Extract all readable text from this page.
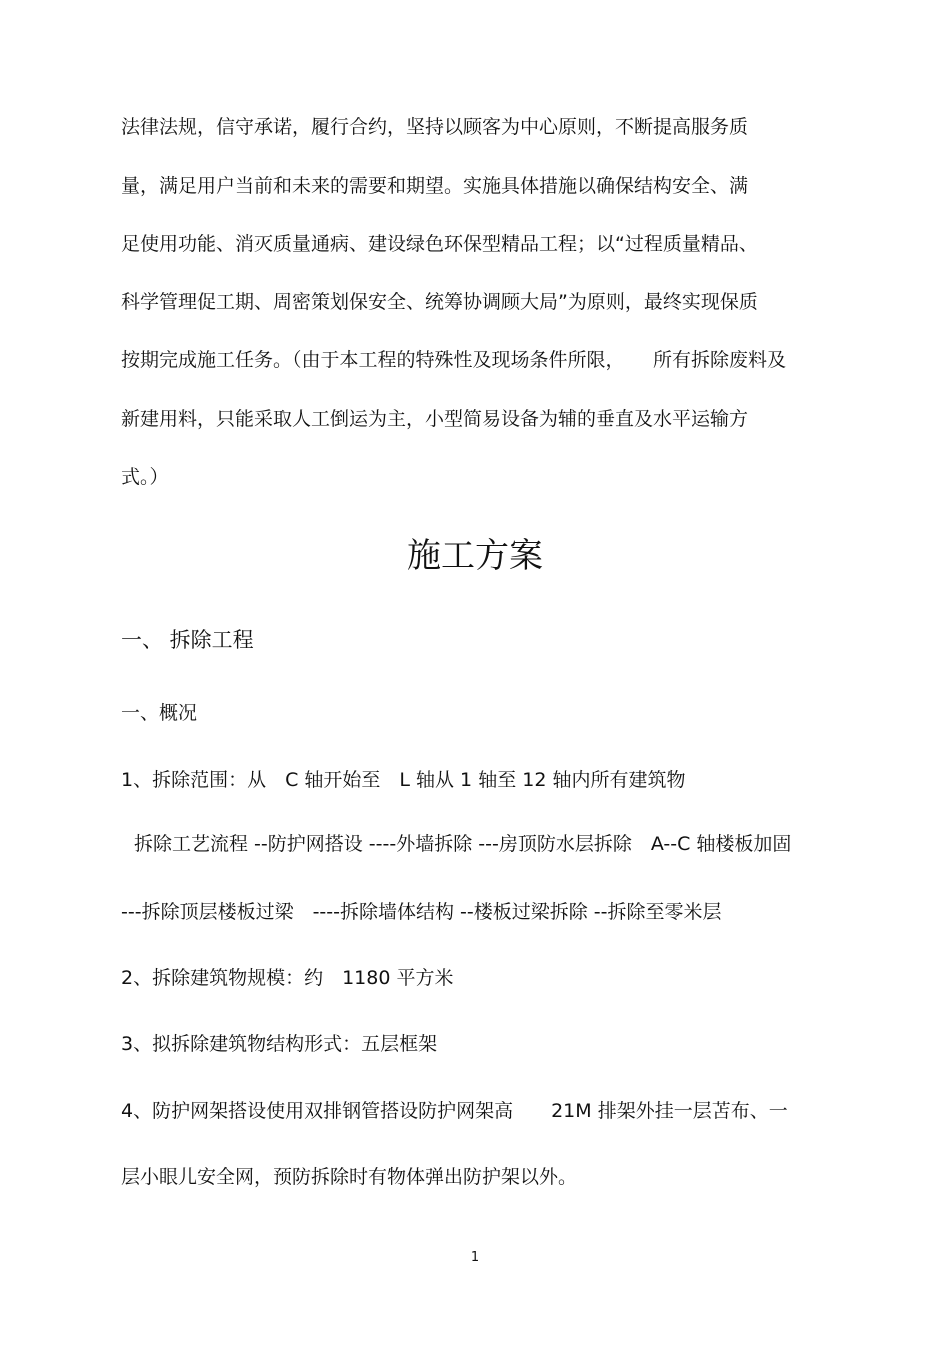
法律法规，信守承诺，履行合约，坚持以顾客为中心原则，不断提高服务质
量，满足用户当前和未来的需要和期望。实施具体措施以确保结构安全、满
足使用功能、消灭质量通病、建设绿色环保型精品工程；以“过程质量精品、
科学管理促工期、周密策划保安全、统筹协调顾大局”为原则，最终实现保质
按期完成施工任务。（由于本工程的特殊性及现场条件所限，　　所有拆除废料及
新建用料，只能采取人工倒运为主，小型简易设备为辅的垂直及水平运输方
式。）
施工方案
一、 拆除工程
一、概况
1、拆除范围：从　C 轴开始至　L 轴从 1 轴至 12 轴内所有建筑物
拆除工艺流程 --防护网搭设 ----外墙拆除 ---房顶防水层拆除　A--C 轴楼板加固
---拆除顶层楼板过梁　----拆除墙体结构 --楼板过梁拆除 --拆除至零米层
2、拆除建筑物规模：约　1180 平方米
3、拟拆除建筑物结构形式：五层框架
4、防护网架搭设使用双排钢管搭设防护网架高　　21M 排架外挂一层苫布、一
层小眼儿安全网，预防拆除时有物体弹出防护架以外。
1
